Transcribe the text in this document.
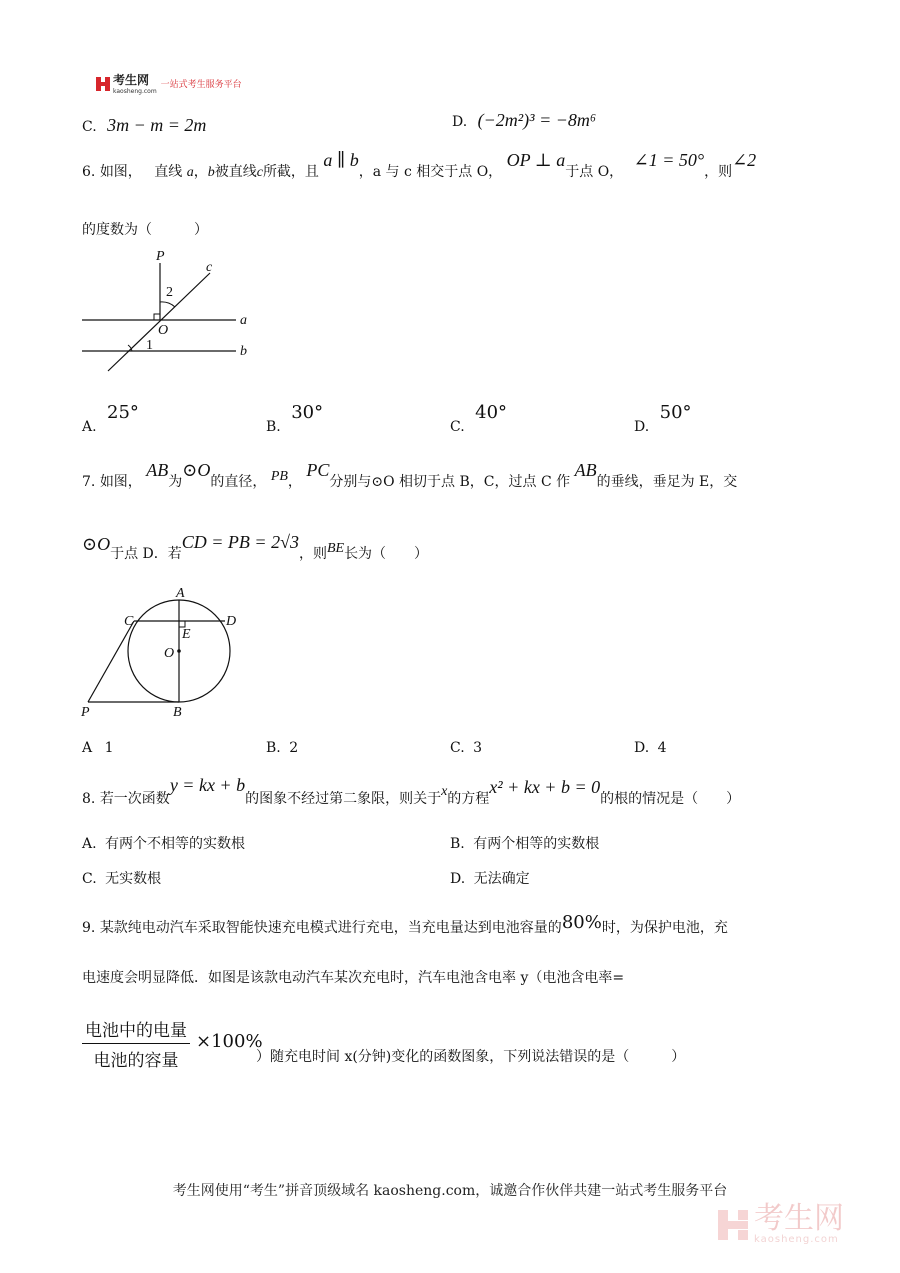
考生网
kaosheng.com
一站式考生服务平台
C. 3m − m = 2m	D. (−2m²)³ = −8m⁶
6. 如图， 直线 a，b被直线c所截，且 a ∥ b，a 与 c 相交于点 O， OP ⊥ a于点 O， ∠1 = 50°，则∠2
的度数为（　　　）
P
c
2
O
a
1	b
A. 25°
B. 30°
C. 40°
D. 50°
7. 如图， AB为⊙O的直径， PB， PC分别与⊙O 相切于点 B，C，过点 C 作 AB的垂线，垂足为 E，交
⊙O于点 D．若CD = PB = 2√3，则BE长为（　　）
A
C	D
E
O
P	B
A 1	B. 2	C. 3	D. 4
8. 若一次函数y = kx + b的图象不经过第二象限，则关于x的方程x² + kx + b = 0的根的情况是（　　）
A. 有两个不相等的实数根	B. 有两个相等的实数根
C. 无实数根	D. 无法确定
9. 某款纯电动汽车采取智能快速充电模式进行充电，当充电量达到电池容量的80%时，为保护电池，充
电速度会明显降低．如图是该款电动汽车某次充电时，汽车电池含电率 y（电池含电率=
电池中的电量
电池的容量
×100%
）随充电时间 x(分钟)变化的函数图象，下列说法错误的是（　　　）
考生网使用“考生”拼音顶级域名 kaosheng.com，诚邀合作伙伴共建一站式考生服务平台
考生网
kaosheng.com
